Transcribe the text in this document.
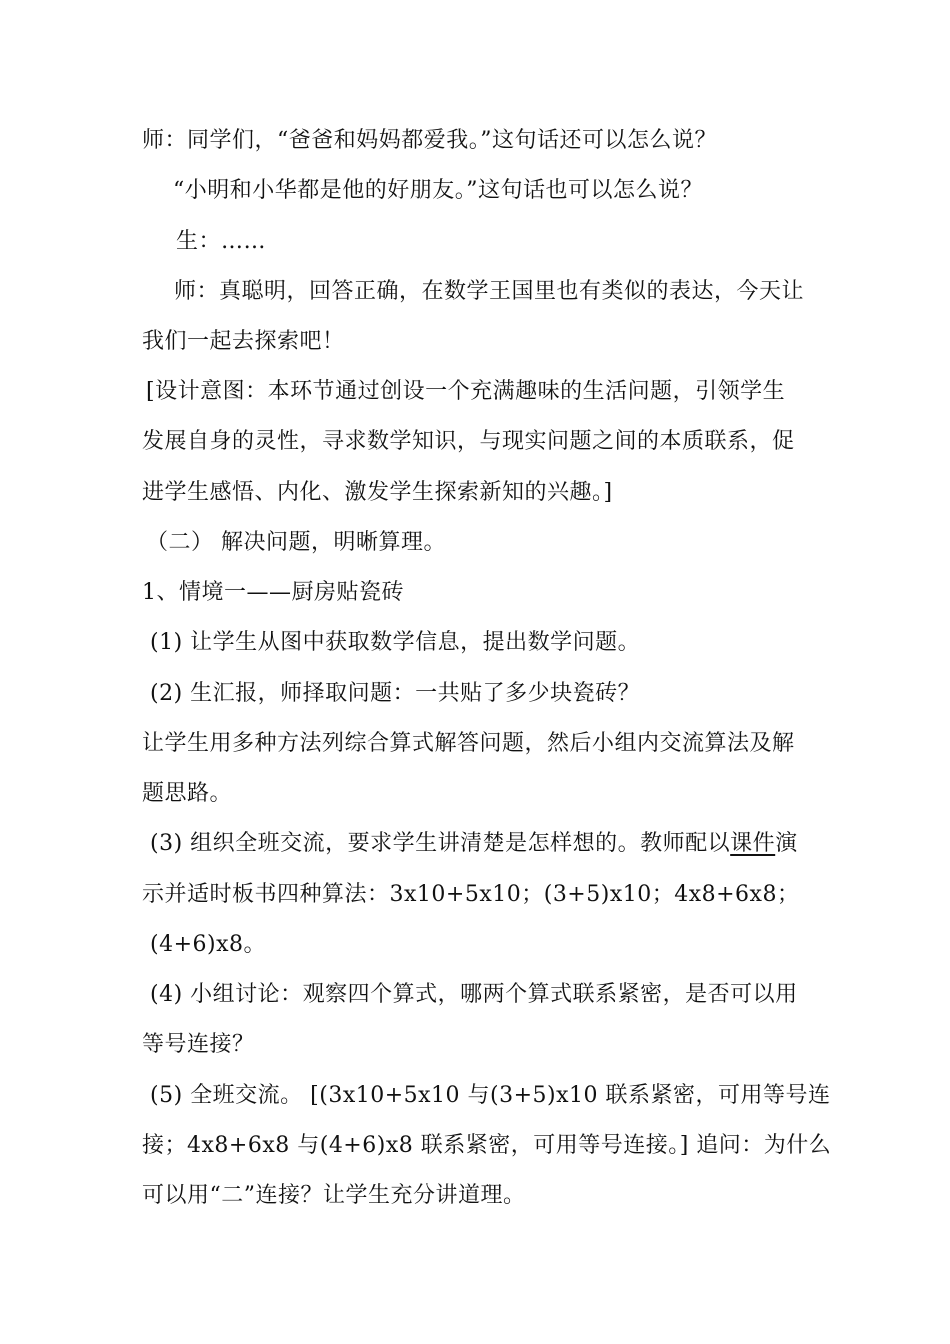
师：同学们，“爸爸和妈妈都爱我。”这句话还可以怎么说？
“小明和小华都是他的好朋友。”这句话也可以怎么说？
生：……
师：真聪明，回答正确，在数学王国里也有类似的表达，今天让
我们一起去探索吧！
[设计意图：本环节通过创设一个充满趣味的生活问题，引领学生
发展自身的灵性，寻求数学知识，与现实问题之间的本质联系，促
进学生感悟、内化、激发学生探索新知的兴趣。]
（二） 解决问题，明晰算理。
1、情境一——厨房贴瓷砖
(1) 让学生从图中获取数学信息，提出数学问题。
(2) 生汇报，师择取问题：一共贴了多少块瓷砖？
让学生用多种方法列综合算式解答问题，然后小组内交流算法及解
题思路。
(3) 组织全班交流，要求学生讲清楚是怎样想的。教师配以课件演
示并适时板书四种算法：3x10+5x10；(3+5)x10；4x8+6x8；
(4+6)x8。
(4) 小组讨论：观察四个算式，哪两个算式联系紧密，是否可以用
等号连接？
(5) 全班交流。 [(3x10+5x10 与(3+5)x10 联系紧密，可用等号连
接；4x8+6x8 与(4+6)x8 联系紧密，可用等号连接。] 追问：为什么
可以用“二”连接？让学生充分讲道理。
